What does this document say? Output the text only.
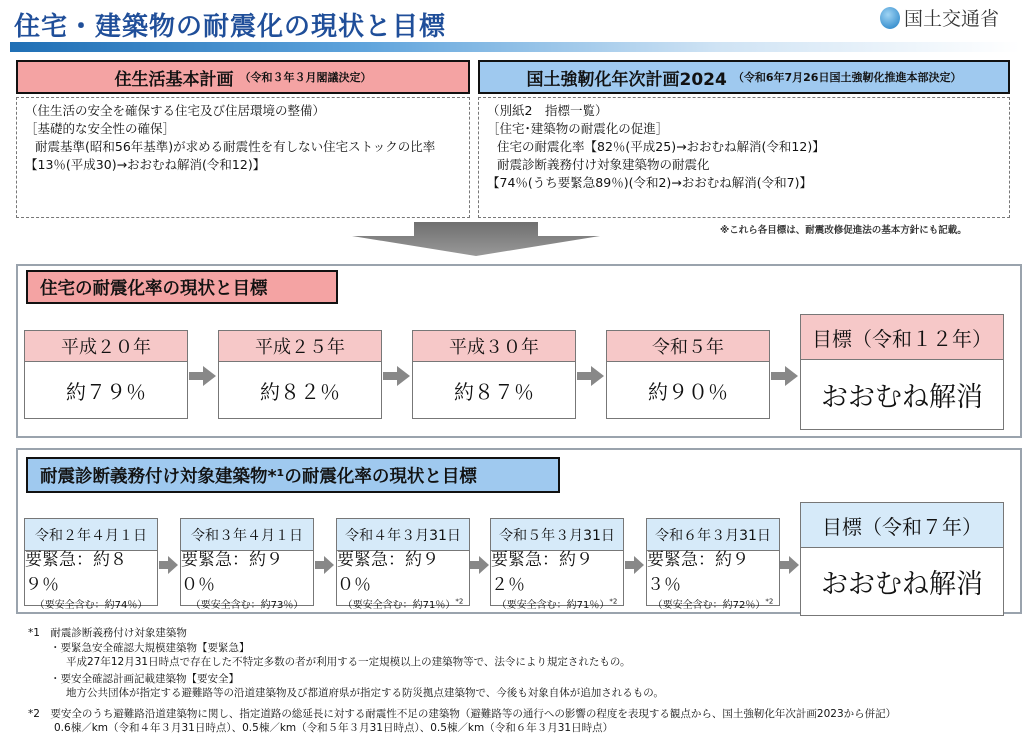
住宅・建築物の耐震化の現状と目標	国土交通省
住生活基本計画 （令和３年３月閣議決定）	国土強靭化年次計画2024 （令和6年7月26日国土強靭化推進本部決定）
（住生活の安全を確保する住宅及び住居環境の整備）
［基礎的な安全性の確保］
耐震基準(昭和56年基準)が求める耐震性を有しない住宅ストックの比率
【13％(平成30)→おおむね解消(令和12)】
（別紙2　指標一覧）
［住宅･建築物の耐震化の促進］
住宅の耐震化率【82％(平成25)→おおむね解消(令和12)】
耐震診断義務付け対象建築物の耐震化
【74％(うち要緊急89％)(令和2)→おおむね解消(令和7)】
※これら各目標は、耐震改修促進法の基本方針にも記載。
住宅の耐震化率の現状と目標
平成２０年
約７９％
平成２５年
約８２％
平成３０年
約８７％
令和５年
約９０％
目標（令和１２年）
おおむね解消
耐震診断義務付け対象建築物*¹の耐震化率の現状と目標
令和２年４月１日
要緊急：約８９％
（要安全含む：約74％）
令和３年４月１日
要緊急：約９０％
（要安全含む：約73％）
令和４年３月31日
要緊急：約９０％
（要安全含む：約71％）$^{*2}$
令和５年３月31日
要緊急：約９２％
（要安全含む：約71％）$^{*2}$
令和６年３月31日
要緊急：約９３％
（要安全含む：約72％）$^{*2}$
目標（令和７年）
おおむね解消
*1　耐震診断義務付け対象建築物
・要緊急安全確認大規模建築物【要緊急】
平成27年12月31日時点で存在した不特定多数の者が利用する一定規模以上の建築物等で、法令により規定されたもの。
・要安全確認計画記載建築物【要安全】
地方公共団体が指定する避難路等の沿道建築物及び都道府県が指定する防災拠点建築物で、今後も対象自体が追加されるもの。
*2　要安全のうち避難路沿道建築物に関し、指定道路の総延長に対する耐震性不足の建築物（避難路等の通行への影響の程度を表現する観点から、国土強靭化年次計画2023から併記）
0.6棟／km（令和４年３月31日時点）、0.5棟／km（令和５年３月31日時点）、0.5棟／km（令和６年３月31日時点）
